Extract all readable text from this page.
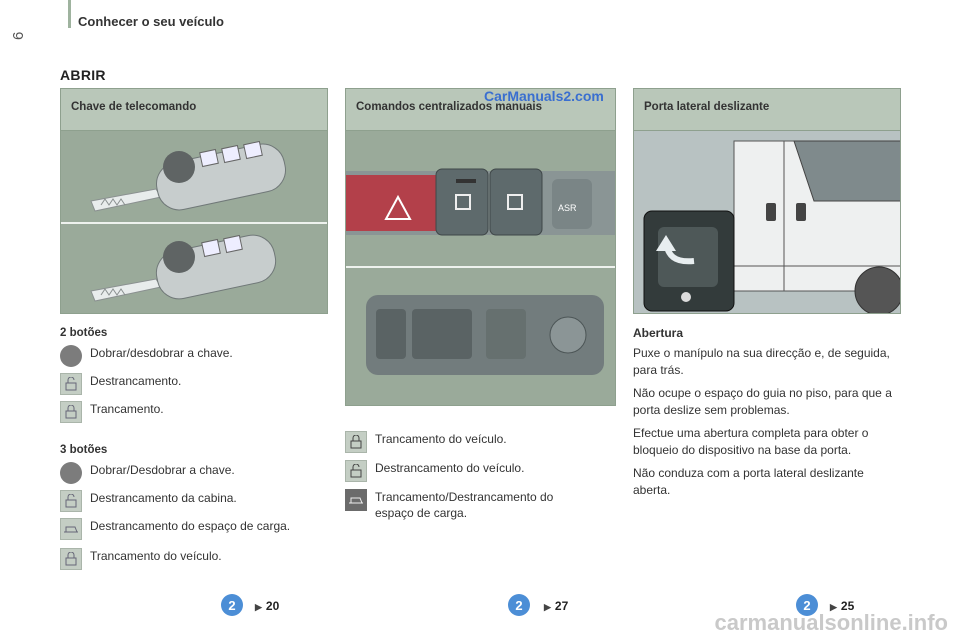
6
Conhecer o seu veículo
ABRIR
Chave de telecomando	Comandos centralizados manuais
ASR
Porta lateral deslizante
CarManuals2.com
2 botões
Dobrar/desdobrar a chave.
Destrancamento.
Trancamento.
3 botões
Dobrar/Desdobrar a chave.
Destrancamento da cabina.
Destrancamento do espaço de carga.
Trancamento do veículo.
Trancamento do veículo.
Destrancamento do veículo.
Trancamento/Destrancamento do espaço de carga.

Abertura

Puxe o manípulo na sua direcção e, de seguida, para trás.

Não ocupe o espaço do guia no piso, para que a porta deslize sem problemas.

Efectue uma abertura completa para obter o bloqueio do dispositivo na base da porta.

Não conduza com a porta lateral deslizante aberta.

2	▶ 20	2	▶ 27	2	▶ 25
carmanualsonline.info
